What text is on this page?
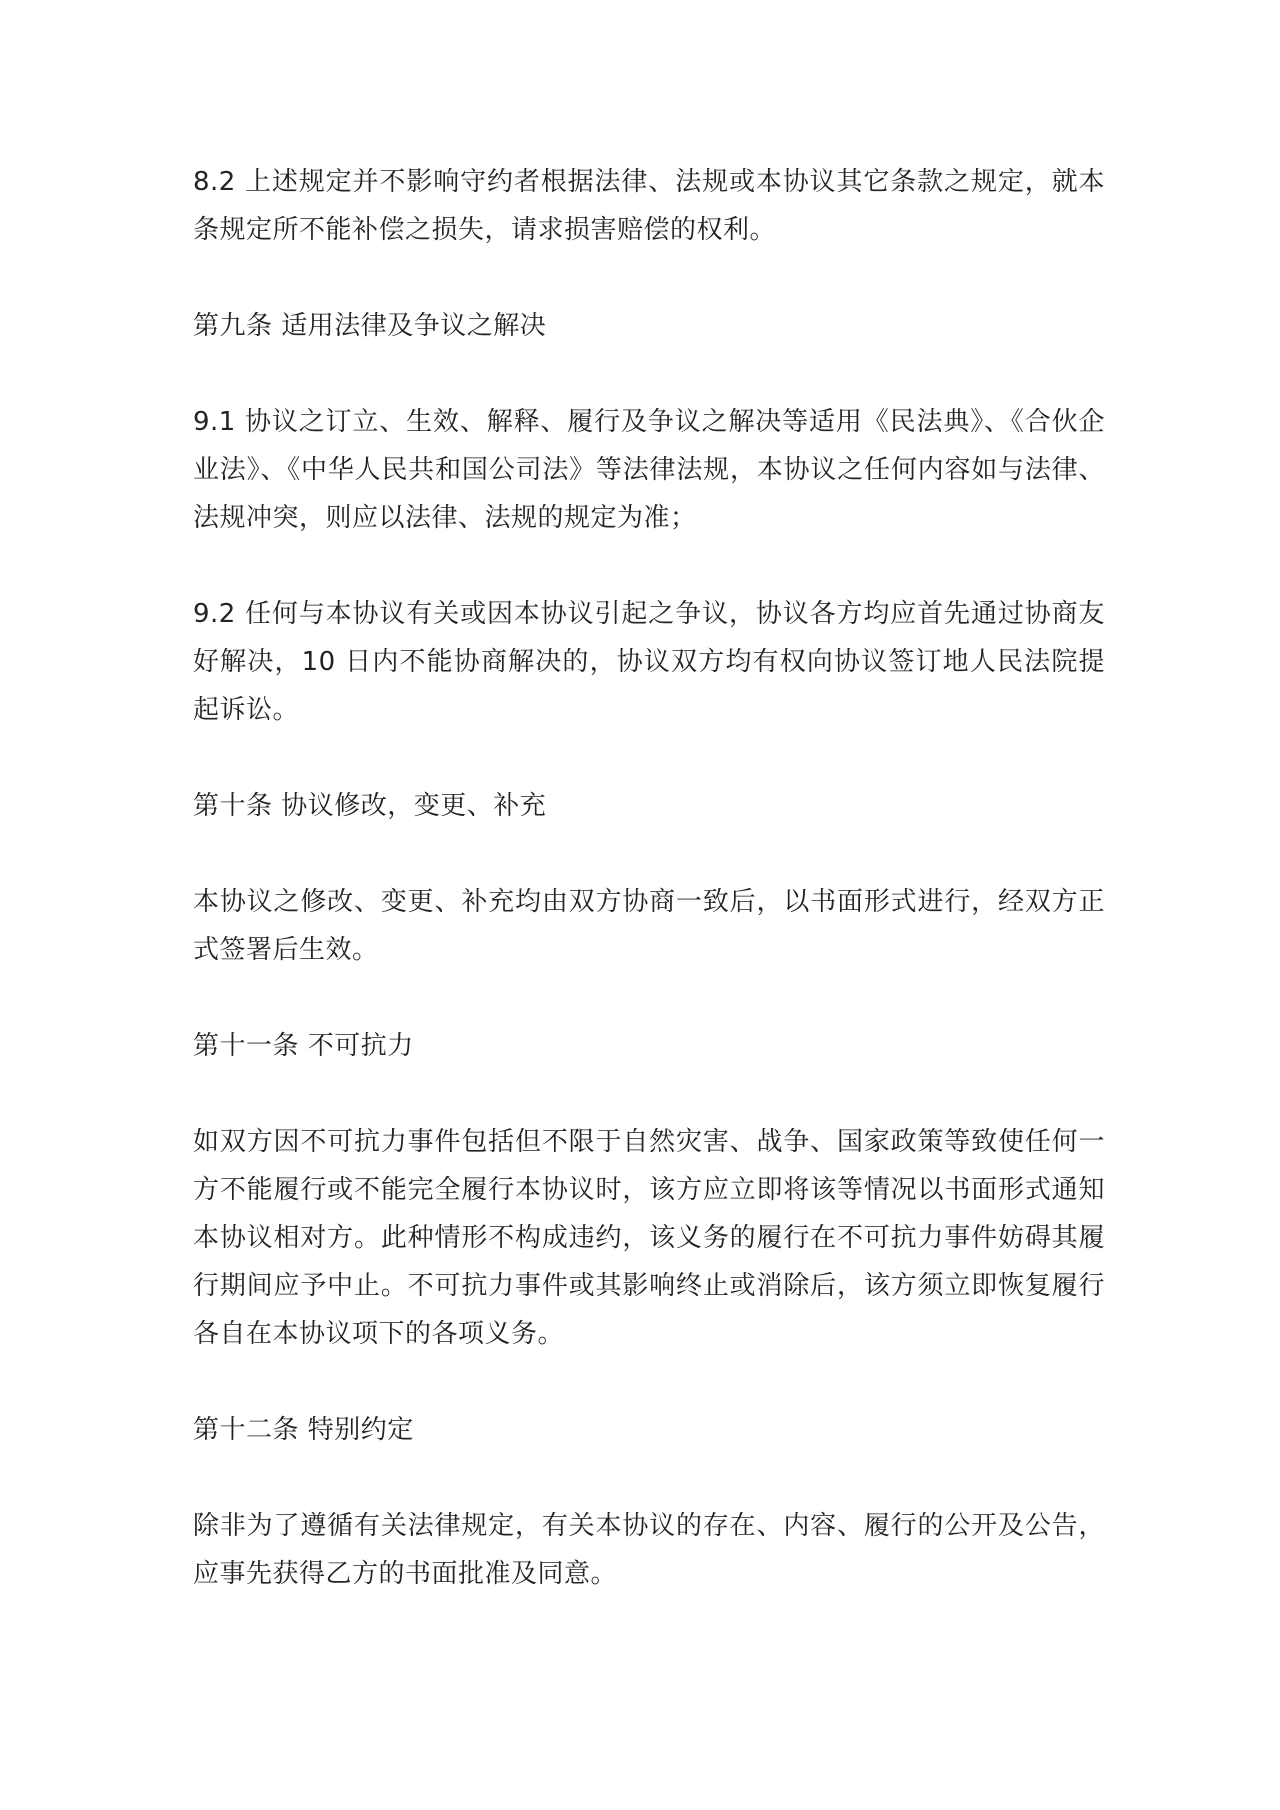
8.2 上述规定并不影响守约者根据法律、法规或本协议其它条款之规定，就本条规定所不能补偿之损失，请求损害赔偿的权利。

第九条 适用法律及争议之解决

9.1 协议之订立、生效、解释、履行及争议之解决等适用《民法典》、《合伙企业法》、《中华人民共和国公司法》等法律法规，本协议之任何内容如与法律、法规冲突，则应以法律、法规的规定为准；

9.2 任何与本协议有关或因本协议引起之争议，协议各方均应首先通过协商友好解决，10 日内不能协商解决的，协议双方均有权向协议签订地人民法院提起诉讼。

第十条 协议修改，变更、补充

本协议之修改、变更、补充均由双方协商一致后，以书面形式进行，经双方正式签署后生效。

第十一条 不可抗力

如双方因不可抗力事件包括但不限于自然灾害、战争、国家政策等致使任何一方不能履行或不能完全履行本协议时，该方应立即将该等情况以书面形式通知本协议相对方。此种情形不构成违约，该义务的履行在不可抗力事件妨碍其履行期间应予中止。不可抗力事件或其影响终止或消除后，该方须立即恢复履行各自在本协议项下的各项义务。

第十二条 特别约定

除非为了遵循有关法律规定，有关本协议的存在、内容、履行的公开及公告，应事先获得乙方的书面批准及同意。
